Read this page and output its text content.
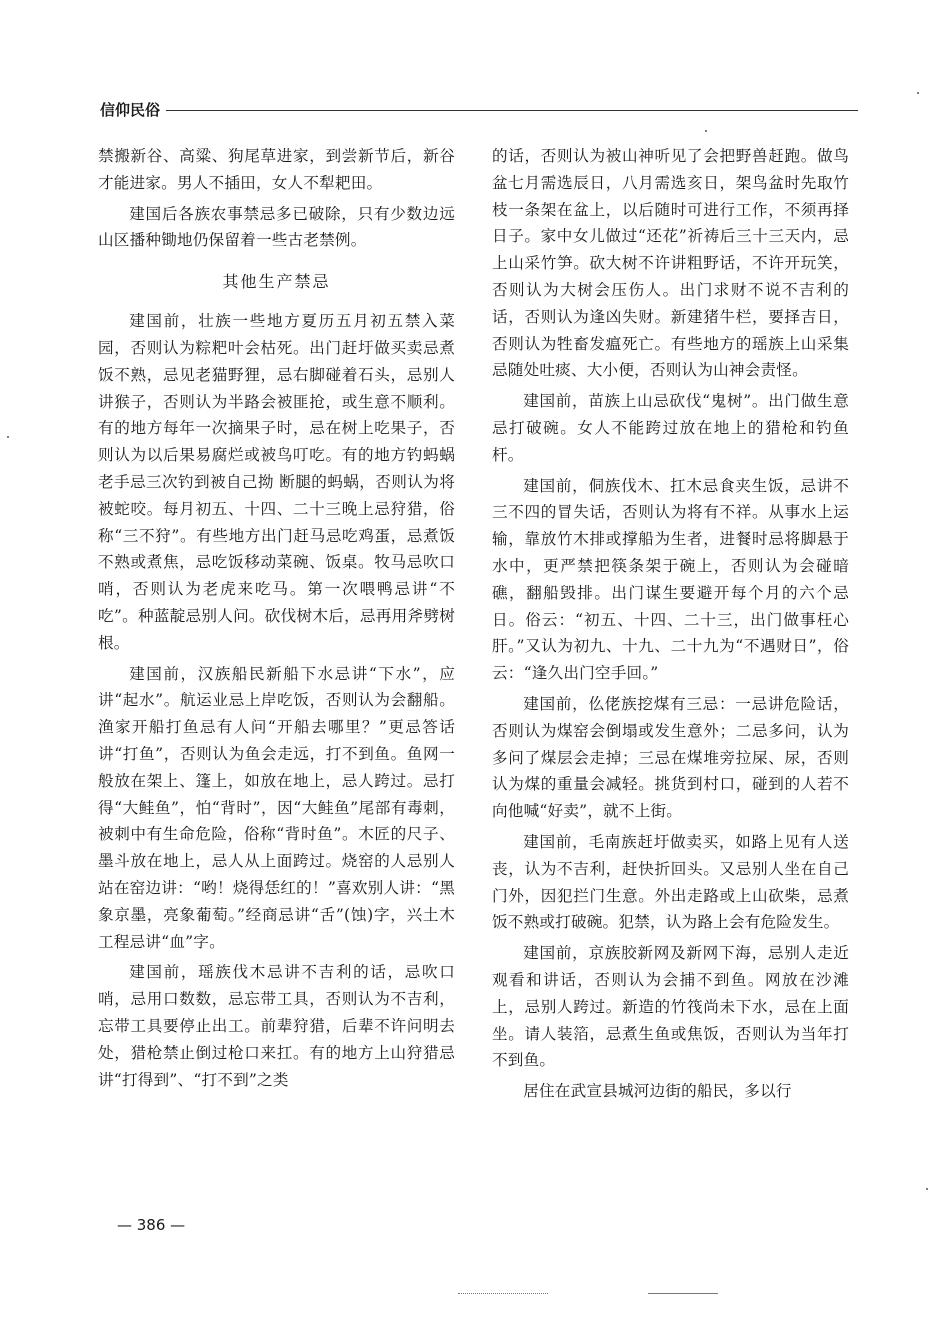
信仰民俗

禁搬新谷、高粱、狗尾草进家，到尝新节后，新谷才能进家。男人不插田，女人不犁耙田。

建国后各族农事禁忌多已破除，只有少数边远山区播种锄地仍保留着一些古老禁例。

其他生产禁忌

建国前，壮族一些地方夏历五月初五禁入菜园，否则认为粽粑叶会枯死。出门赶圩做买卖忌煮饭不熟，忌见老猫野狸，忌右脚碰着石头，忌别人讲猴子，否则认为半路会被匪抢，或生意不顺利。有的地方每年一次摘果子时，忌在树上吃果子，否则认为以后果易腐烂或被鸟叮吃。有的地方钓蚂蜗老手忌三次钓到被自己拗 断腿的蚂蜗，否则认为将被蛇咬。每月初五、十四、二十三晚上忌狩猎，俗称“三不狩”。有些地方出门赶马忌吃鸡蛋，忌煮饭不熟或煮焦，忌吃饭移动菜碗、饭桌。牧马忌吹口哨，否则认为老虎来吃马。第一次喂鸭忌讲“不吃”。种蓝靛忌别人问。砍伐树木后，忌再用斧劈树根。

建国前，汉族船民新船下水忌讲“下水”，应讲“起水”。航运业忌上岸吃饭，否则认为会翻船。渔家开船打鱼忌有人问“开船去哪里？”更忌答话讲“打鱼”，否则认为鱼会走远，打不到鱼。鱼网一般放在架上、篷上，如放在地上，忌人跨过。忌打得“大鲑鱼”，怕“背时”，因“大鲑鱼”尾部有毒刺，被刺中有生命危险，俗称“背时鱼”。木匠的尺子、墨斗放在地上，忌人从上面跨过。烧窑的人忌别人站在窑边讲：“哟！烧得恁红的！”喜欢别人讲：“黑象京墨，亮象葡萄。”经商忌讲“舌”(蚀)字，兴土木工程忌讲“血”字。

建国前，瑶族伐木忌讲不吉利的话，忌吹口哨，忌用口数数，忌忘带工具，否则认为不吉利，忘带工具要停止出工。前辈狩猎，后辈不许问明去处，猎枪禁止倒过枪口来扛。有的地方上山狩猎忌讲“打得到”、“打不到”之类

的话，否则认为被山神听见了会把野兽赶跑。做鸟盆七月需选辰日，八月需选亥日，架鸟盆时先取竹枝一条架在盆上，以后随时可进行工作，不须再择日子。家中女儿做过“还花”祈祷后三十三天内，忌上山采竹笋。砍大树不许讲粗野话，不许开玩笑，否则认为大树会压伤人。出门求财不说不吉利的话，否则认为逢凶失财。新建猪牛栏，要择吉日，否则认为牲畜发瘟死亡。有些地方的瑶族上山采集忌随处吐痰、大小便，否则认为山神会责怪。

建国前，苗族上山忌砍伐“鬼树”。出门做生意忌打破碗。女人不能跨过放在地上的猎枪和钓鱼杆。

建国前，侗族伐木、扛木忌食夹生饭，忌讲不三不四的冒失话，否则认为将有不祥。从事水上运输，靠放竹木排或撑船为生者，进餐时忌将脚悬于水中，更严禁把筷条架于碗上，否则认为会碰暗礁，翻船毁排。出门谋生要避开每个月的六个忌日。俗云：“初五、十四、二十三，出门做事枉心肝。”又认为初九、十九、二十九为“不遇财日”，俗云：“逢久出门空手回。”

建国前，仫佬族挖煤有三忌：一忌讲危险话，否则认为煤窑会倒塌或发生意外；二忌多问，认为多问了煤层会走掉；三忌在煤堆旁拉屎、尿，否则认为煤的重量会减轻。挑货到村口，碰到的人若不向他喊“好卖”，就不上街。

建国前，毛南族赶圩做卖买，如路上见有人送丧，认为不吉利，赶快折回头。又忌别人坐在自己门外，因犯拦门生意。外出走路或上山砍柴，忌煮饭不熟或打破碗。犯禁，认为路上会有危险发生。

建国前，京族胶新网及新网下海，忌别人走近观看和讲话，否则认为会捕不到鱼。网放在沙滩上，忌别人跨过。新造的竹筏尚未下水，忌在上面坐。请人装箔，忌煮生鱼或焦饭，否则认为当年打不到鱼。

居住在武宣县城河边街的船民，多以行

— 386 —
